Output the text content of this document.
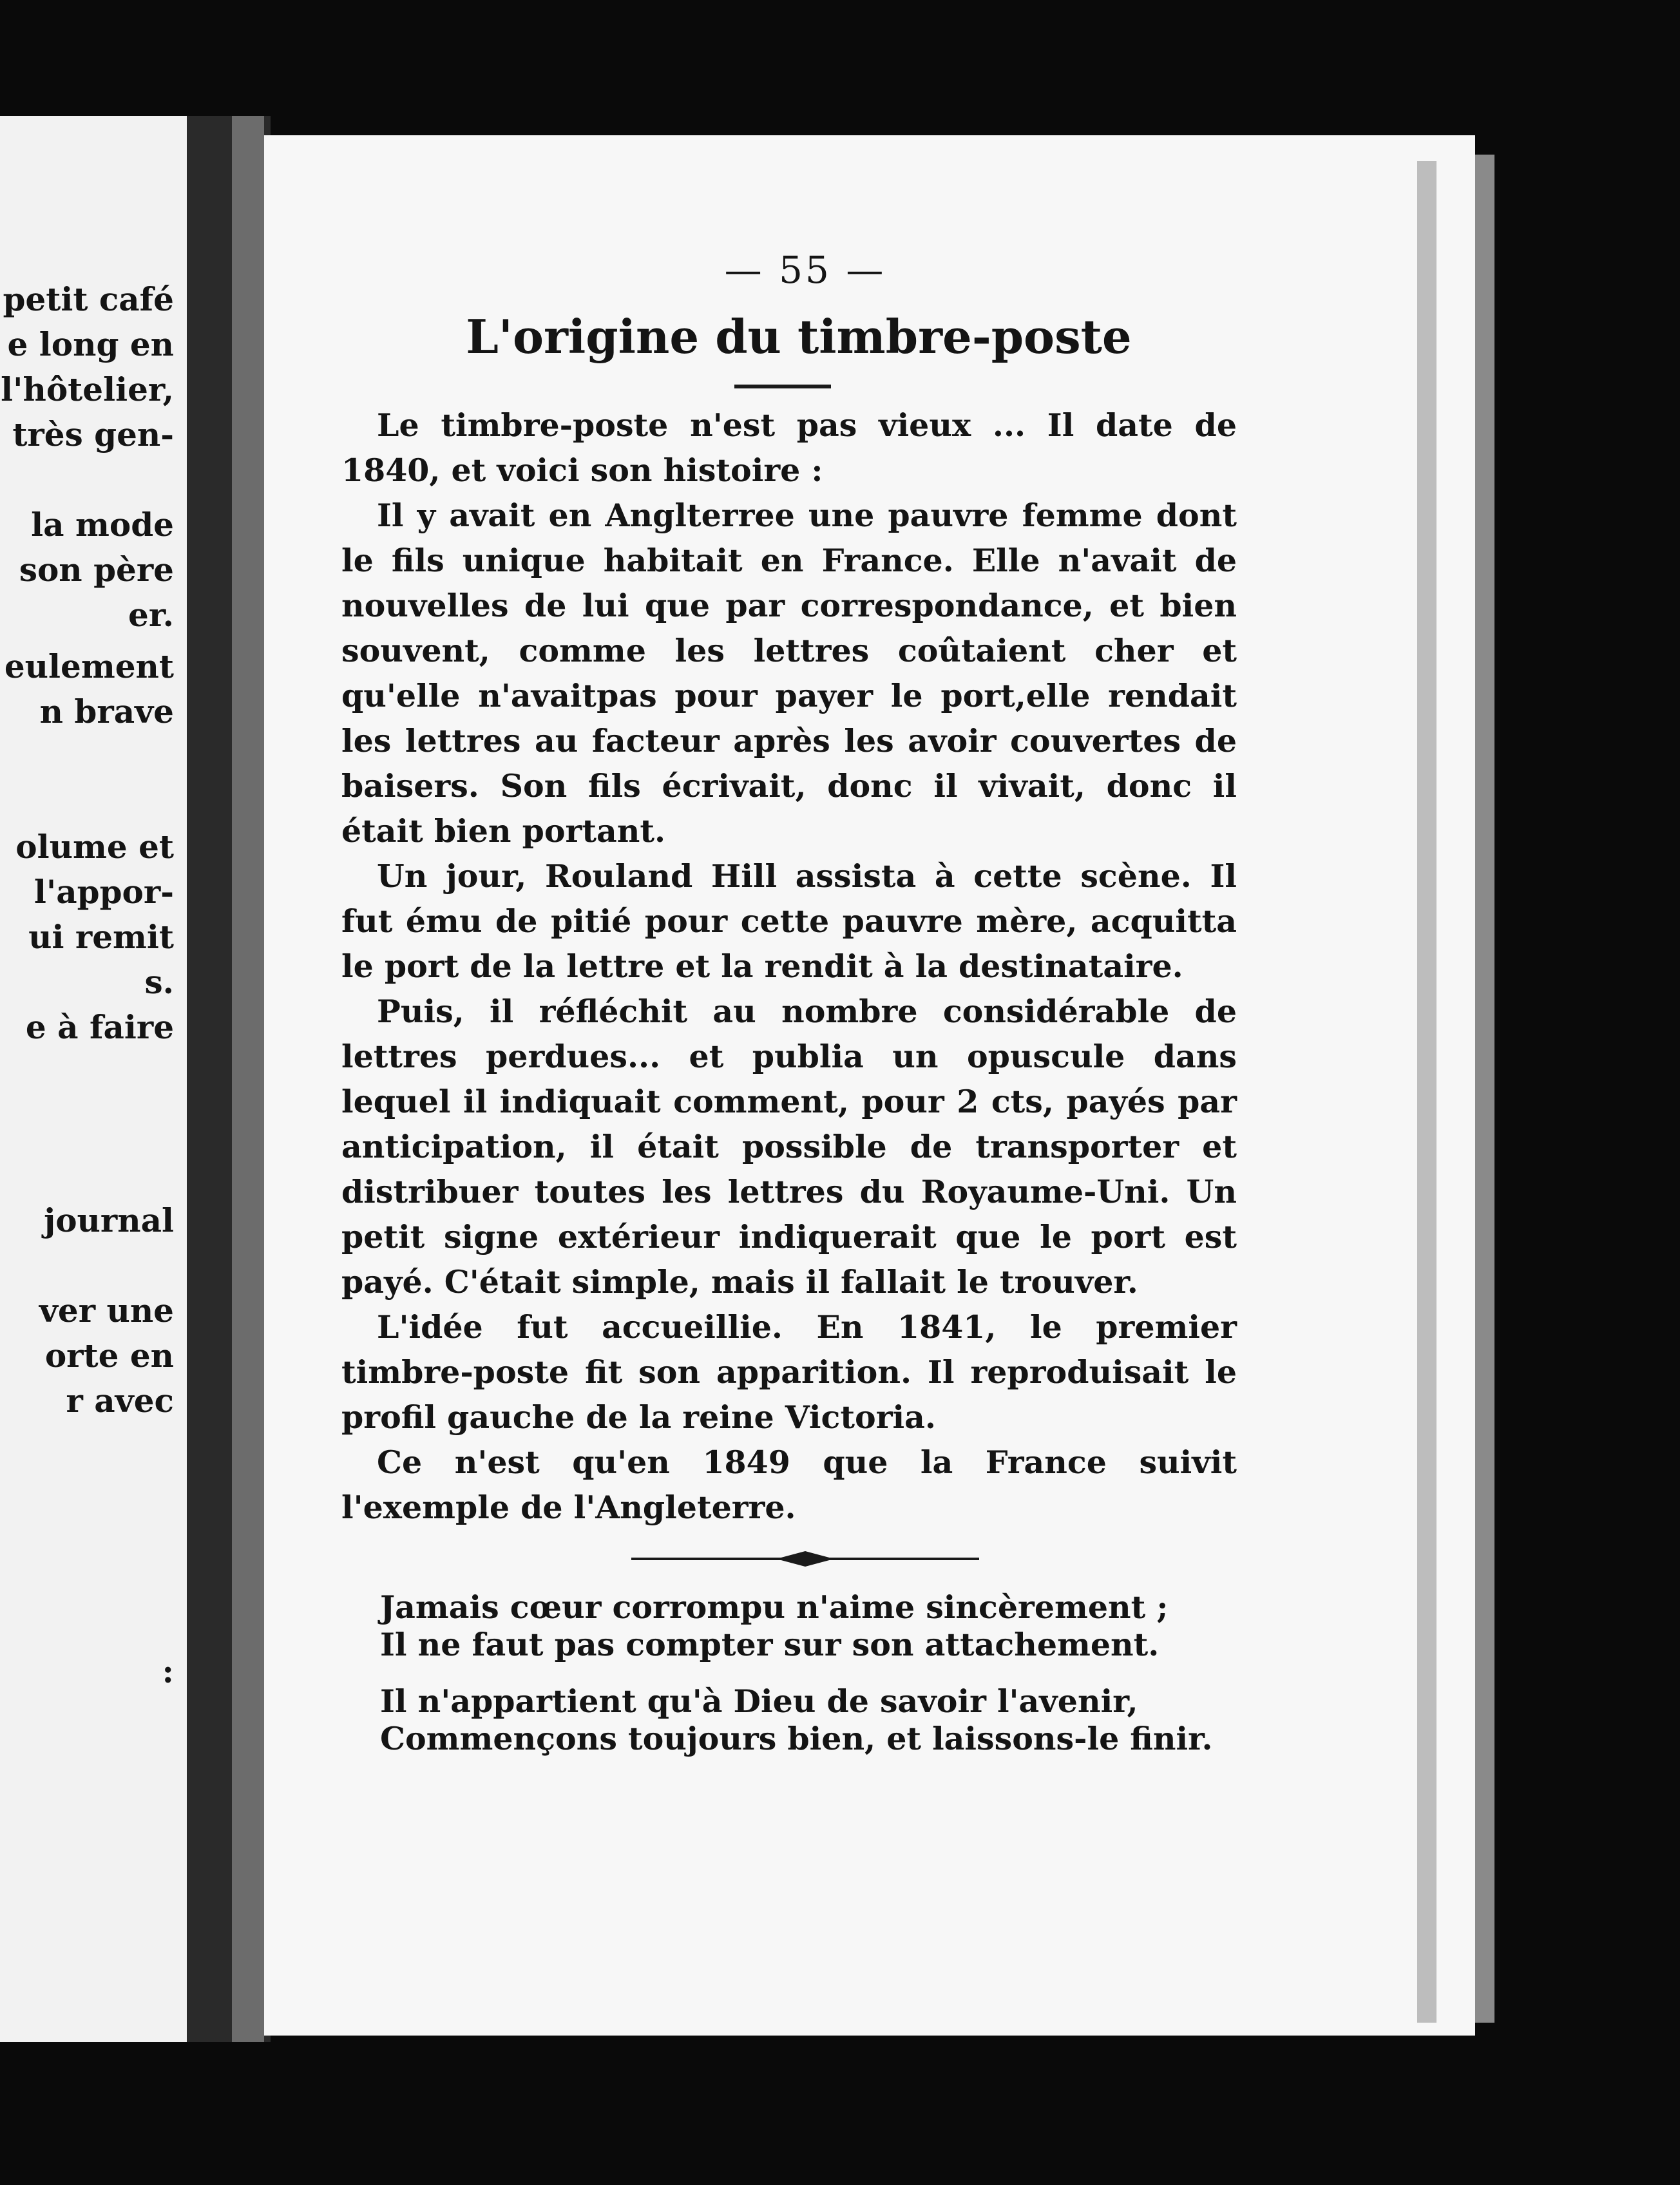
petit café
e long en
l'hôtelier,
très gen-
la mode
son père
er.
eulement
n brave
olume et
l'appor-
ui remit
s.
e à faire
journal
ver une
orte en
r avec
:
— 55 —
L'origine du timbre-poste

Le timbre-poste n'est pas vieux ... Il date de 1840, et voici son histoire :

Il y avait en Anglterree une pauvre femme dont le fils unique habitait en France. Elle n'avait de nouvelles de lui que par correspondance, et bien souvent, comme les lettres coûtaient cher et qu'elle n'avaitpas pour payer le port,elle rendait les lettres au facteur après les avoir couvertes de baisers. Son fils écrivait, donc il vivait, donc il était bien portant.

Un jour, Rouland Hill assista à cette scène. Il fut ému de pitié pour cette pauvre mère, acquitta le port de la lettre et la rendit à la destinataire.

Puis, il réfléchit au nombre considérable de lettres perdues... et publia un opuscule dans lequel il indiquait comment, pour 2 cts, payés par anticipation, il était possible de transporter et distribuer toutes les lettres du Royaume-Uni. Un petit signe extérieur indiquerait que le port est payé. C'était simple, mais il fallait le trouver.

L'idée fut accueillie. En 1841, le premier timbre-poste fit son apparition. Il reproduisait le profil gauche de la reine Victoria.

Ce n'est qu'en 1849 que la France suivit l'exemple de l'Angleterre.

Jamais cœur corrompu n'aime sincèrement ;
Il ne faut pas compter sur son attachement.

Il n'appartient qu'à Dieu de savoir l'avenir,
Commençons toujours bien, et laissons-le finir.
